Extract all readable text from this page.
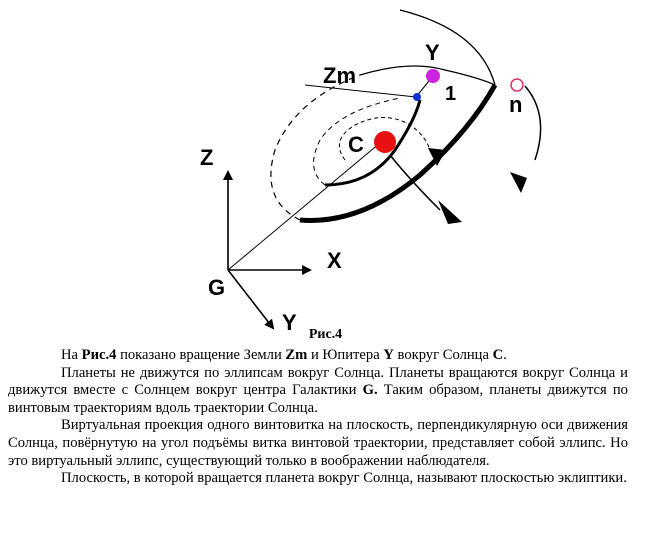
Y
Zm
1 n
C
Z
X
G
Y Рис.4

На Рис.4 показано вращение Земли Zm и Юпитера Y вокруг Солнца С.

Планеты не движутся по эллипсам вокруг Солнца. Планеты вращаются вокруг Солнца и движутся вместе с Солнцем вокруг центра Галактики G. Таким образом, планеты движутся по винтовым траекториям вдоль траектории Солнца.

Виртуальная проекция одного винтовитка на плоскость, перпендикулярную оси движения Солнца, повёрнутую на угол подъёмы витка винтовой траектории, представляет собой эллипс. Но это виртуальный эллипс, существующий только в воображении наблюдателя.

Плоскость, в которой вращается планета вокруг Солнца, называют плоскостью эклиптики.
